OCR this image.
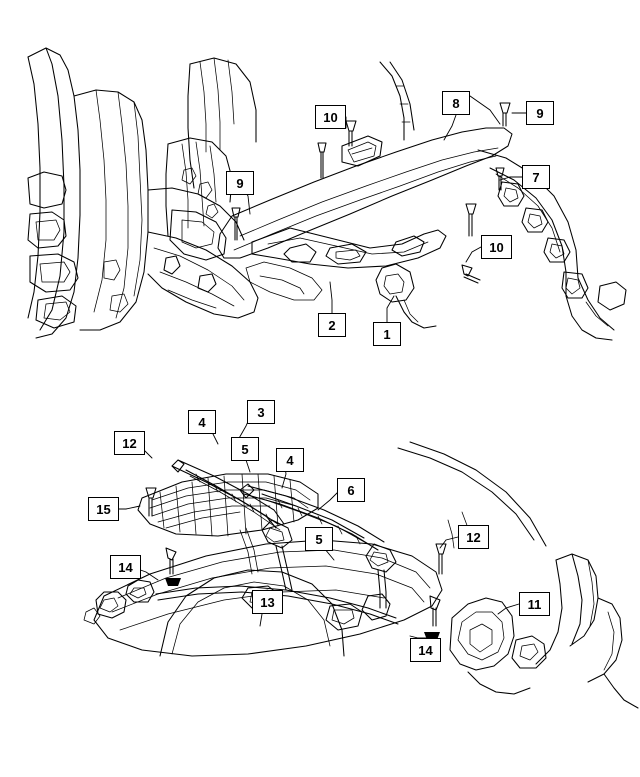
8
9
10
7
9
10
2
1
4
3
12	5
4
6
15
5	12
14
13	11
14
